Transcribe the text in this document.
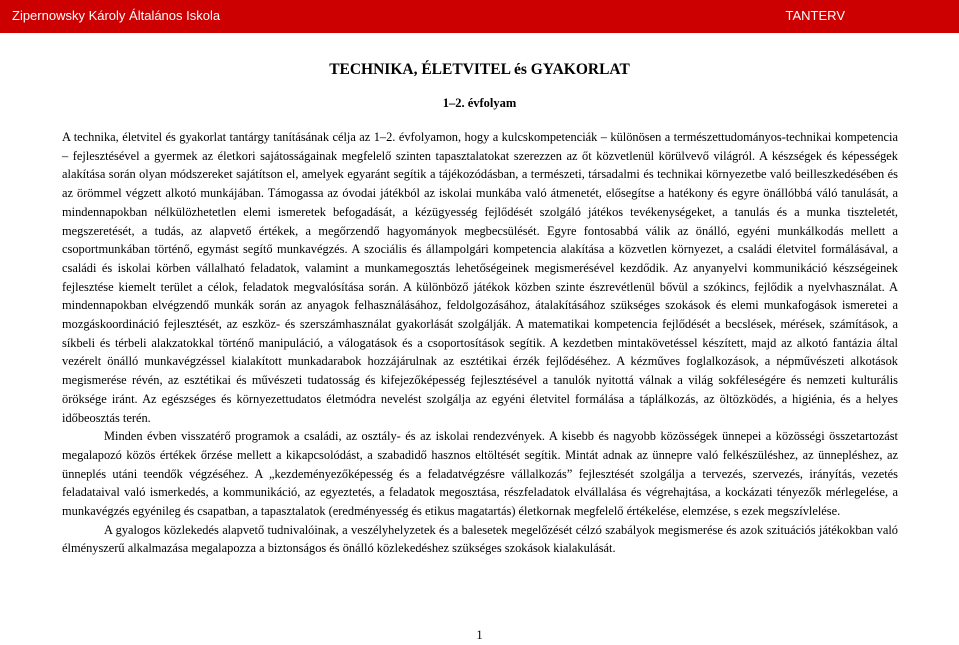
Zipernowsky Károly Általános Iskola	TANTERV
TECHNIKA, ÉLETVITEL és GYAKORLAT
1–2. évfolyam

A technika, életvitel és gyakorlat tantárgy tanításának célja az 1–2. évfolyamon, hogy a kulcskompetenciák – különösen a természettudományos-technikai kompetencia – fejlesztésével a gyermek az életkori sajátosságainak megfelelő szinten tapasztalatokat szerezzen az őt közvetlenül körülvevő világról. A készségek és képességek alakítása során olyan módszereket sajátítson el, amelyek egyaránt segítik a tájékozódásban, a természeti, társadalmi és technikai környezetbe való beilleszkedésében és az örömmel végzett alkotó munkájában. Támogassa az óvodai játékból az iskolai munkába való átmenetét, elősegítse a hatékony és egyre önállóbbá váló tanulását, a mindennapokban nélkülözhetetlen elemi ismeretek befogadását, a kézügyesség fejlődését szolgáló játékos tevékenységeket, a tanulás és a munka tiszteletét, megszeretését, a tudás, az alapvető értékek, a megőrzendő hagyományok megbecsülését. Egyre fontosabbá válik az önálló, egyéni munkálkodás mellett a csoportmunkában történő, egymást segítő munkavégzés. A szociális és állampolgári kompetencia alakítása a közvetlen környezet, a családi életvitel formálásával, a családi és iskolai körben vállalható feladatok, valamint a munkamegosztás lehetőségeinek megismerésével kezdődik. Az anyanyelvi kommunikáció készségeinek fejlesztése kiemelt terület a célok, feladatok megvalósítása során. A különböző játékok közben szinte észrevétlenül bővül a szókincs, fejlődik a nyelvhasználat. A mindennapokban elvégzendő munkák során az anyagok felhasználásához, feldolgozásához, átalakításához szükséges szokások és elemi munkafogások ismeretei a mozgáskoordináció fejlesztését, az eszköz- és szerszámhasználat gyakorlását szolgálják. A matematikai kompetencia fejlődését a becslések, mérések, számítások, a síkbeli és térbeli alakzatokkal történő manipuláció, a válogatások és a csoportosítások segítik. A kezdetben mintakövetéssel készített, majd az alkotó fantázia által vezérelt önálló munkavégzéssel kialakított munkadarabok hozzájárulnak az esztétikai érzék fejlődéséhez. A kézműves foglalkozások, a népművészeti alkotások megismerése révén, az esztétikai és művészeti tudatosság és kifejezőképesség fejlesztésével a tanulók nyitottá válnak a világ sokféleségére és nemzeti kulturális öröksége iránt. Az egészséges és környezettudatos életmódra nevelést szolgálja az egyéni életvitel formálása a táplálkozás, az öltözködés, a higiénia, és a helyes időbeosztás terén.

Minden évben visszatérő programok a családi, az osztály- és az iskolai rendezvények. A kisebb és nagyobb közösségek ünnepei a közösségi összetartozást megalapozó közös értékek őrzése mellett a kikapcsolódást, a szabadidő hasznos eltöltését segítik. Mintát adnak az ünnepre való felkészüléshez, az ünnepléshez, az ünneplés utáni teendők végzéséhez. A „kezdeményezőképesség és a feladatvégzésre vállalkozás” fejlesztését szolgálja a tervezés, szervezés, irányítás, vezetés feladataival való ismerkedés, a kommunikáció, az egyeztetés, a feladatok megosztása, részfeladatok elvállalása és végrehajtása, a kockázati tényezők mérlegelése, a munkavégzés egyénileg és csapatban, a tapasztalatok (eredményesség és etikus magatartás) életkornak megfelelő értékelése, elemzése, s ezek megszívlelése.

A gyalogos közlekedés alapvető tudnivalóinak, a veszélyhelyzetek és a balesetek megelőzését célzó szabályok megismerése és azok szituációs játékokban való élményszerű alkalmazása megalapozza a biztonságos és önálló közlekedéshez szükséges szokások kialakulását.

1
